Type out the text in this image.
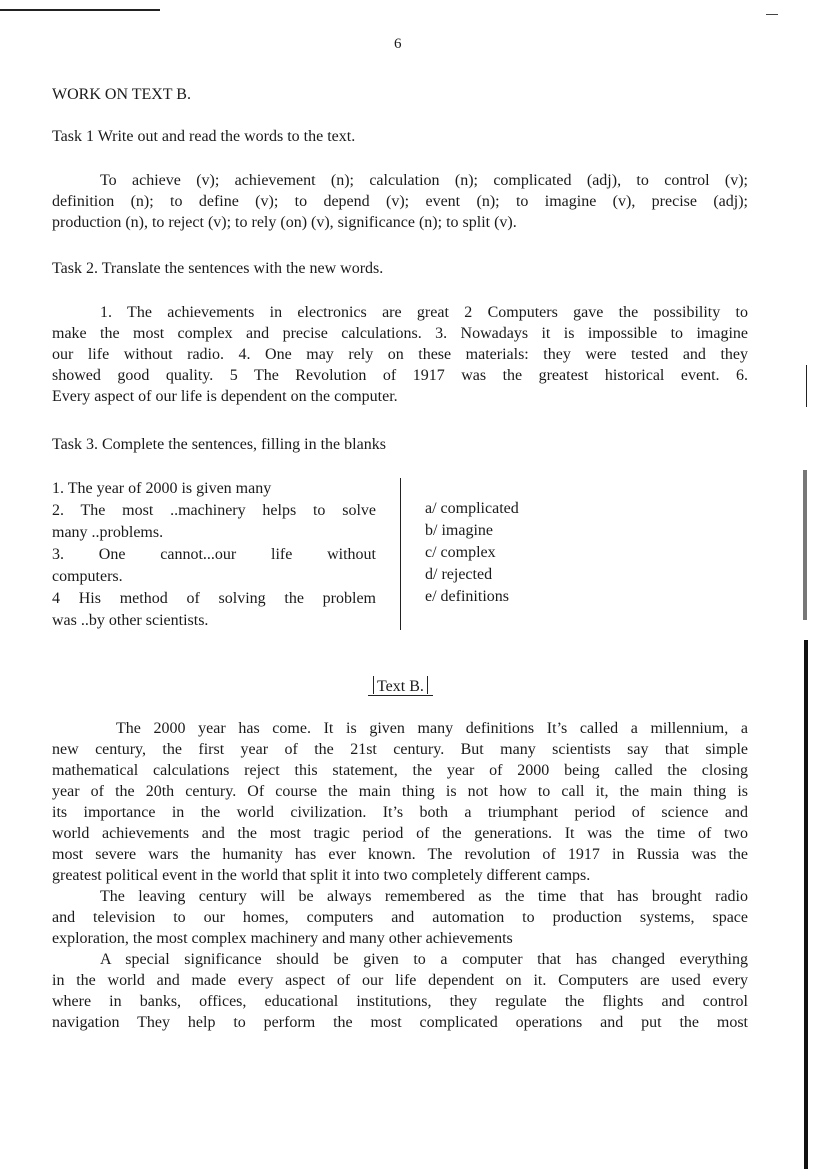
6
WORK ON TEXT B.
Task 1 Write out and read the words to the text.
To achieve (v); achievement (n); calculation (n); complicated (adj), to control (v);
definition (n); to define (v); to depend (v); event (n); to imagine (v), precise (adj);
production (n), to reject (v); to rely (on) (v), significance (n); to split (v).
Task 2. Translate the sentences with the new words.
1. The achievements in electronics are great 2 Computers gave the possibility to
make the most complex and precise calculations. 3. Nowadays it is impossible to imagine
our life without radio. 4. One may rely on these materials: they were tested and they
showed good quality. 5 The Revolution of 1917 was the greatest historical event. 6.
Every aspect of our life is dependent on the computer.
Task 3. Complete the sentences, filling in the blanks
1. The year of 2000 is given many
2. The most ..machinery helps to solve
many ..problems.
3. One cannot...our life without
computers.
4 His method of solving the problem
was ..by other scientists.
a/ complicated
b/ imagine
c/ complex
d/ rejected
e/ definitions
Text B.
The 2000 year has come. It is given many definitions It’s called a millennium, a
new century, the first year of the 21st century. But many scientists say that simple
mathematical calculations reject this statement, the year of 2000 being called the closing
year of the 20th century. Of course the main thing is not how to call it, the main thing is
its importance in the world civilization. It’s both a triumphant period of science and
world achievements and the most tragic period of the generations. It was the time of two
most severe wars the humanity has ever known. The revolution of 1917 in Russia was the
greatest political event in the world that split it into two completely different camps.
The leaving century will be always remembered as the time that has brought radio
and television to our homes, computers and automation to production systems, space
exploration, the most complex machinery and many other achievements
A special significance should be given to a computer that has changed everything
in the world and made every aspect of our life dependent on it. Computers are used every
where in banks, offices, educational institutions, they regulate the flights and control
navigation They help to perform the most complicated operations and put the most
